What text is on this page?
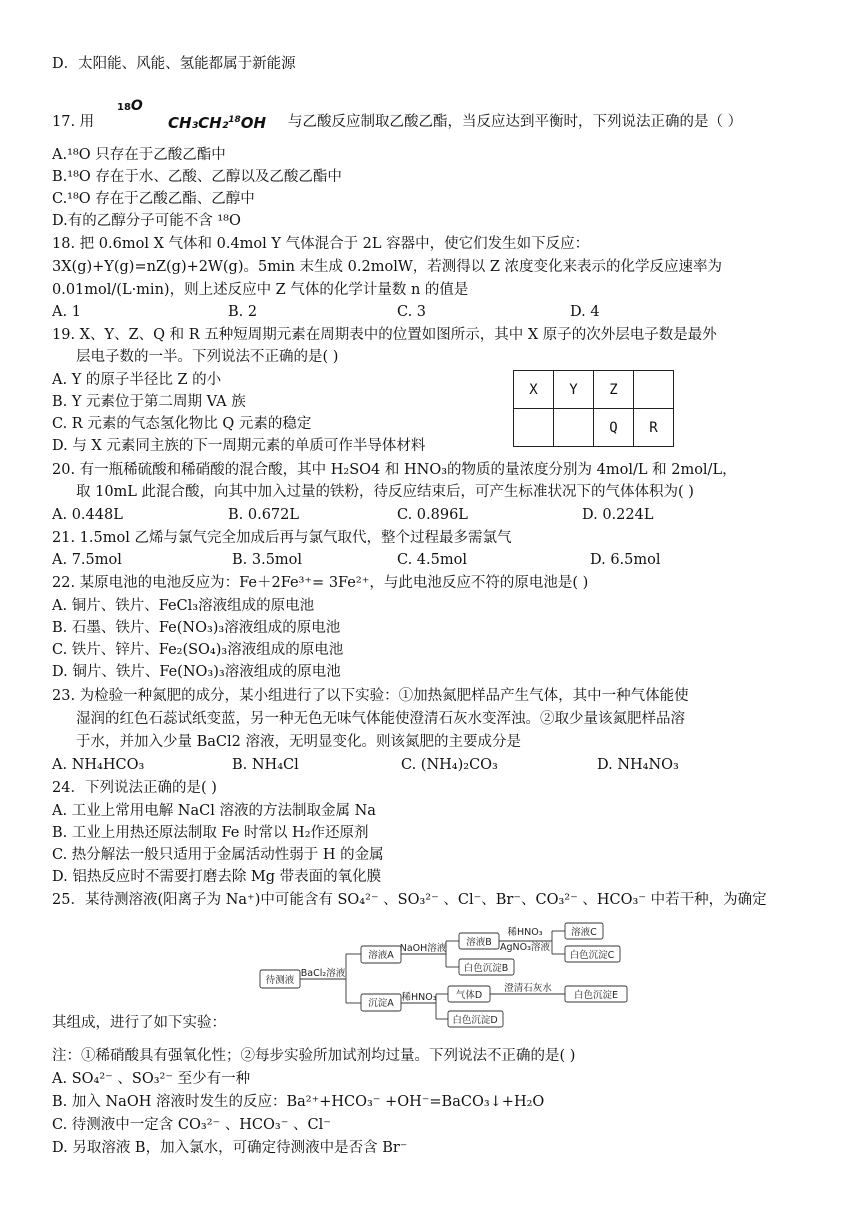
D．太阳能、风能、氢能都属于新能源
17. 用
18O
CH₃CH₂$^{18}$OH 与乙酸反应制取乙酸乙酯，当反应达到平衡时，下列说法正确的是（ ）
A.¹⁸O 只存在于乙酸乙酯中
B.¹⁸O 存在于水、乙酸、乙醇以及乙酸乙酯中
C.¹⁸O 存在于乙酸乙酯、乙醇中
D.有的乙醇分子可能不含 ¹⁸O
18. 把 0.6mol X 气体和 0.4mol Y 气体混合于 2L 容器中，使它们发生如下反应：
3X(g)+Y(g)=nZ(g)+2W(g)。5min 末生成 0.2molW，若测得以 Z 浓度变化来表示的化学反应速率为
0.01mol/(L·min)，则上述反应中 Z 气体的化学计量数 n 的值是
A. 1	B. 2	C. 3	D. 4
19. X、Y、Z、Q 和 R 五种短周期元素在周期表中的位置如图所示，其中 X 原子的次外层电子数是最外
层电子数的一半。下列说法不正确的是( )
A. Y 的原子半径比 Z 的小
B. Y 元素位于第二周期 VA 族
C. R 元素的气态氢化物比 Q 元素的稳定
D. 与 X 元素同主族的下一周期元素的单质可作半导体材料
X	Y	Z	
		Q	R
20. 有一瓶稀硫酸和稀硝酸的混合酸，其中 H₂SO4 和 HNO₃的物质的量浓度分别为 4mol/L 和 2mol/L，
取 10mL 此混合酸，向其中加入过量的铁粉，待反应结束后，可产生标准状况下的气体体积为( )
A. 0.448L	B. 0.672L	C. 0.896L	D. 0.224L
21. 1.5mol 乙烯与氯气完全加成后再与氯气取代，整个过程最多需氯气
A. 7.5mol	B. 3.5mol	C. 4.5mol	D. 6.5mol
22. 某原电池的电池反应为：Fe＋2Fe³⁺= 3Fe²⁺，与此电池反应不符的原电池是( )
A. 铜片、铁片、FeCl₃溶液组成的原电池
B. 石墨、铁片、Fe(NO₃)₃溶液组成的原电池
C. 铁片、锌片、Fe₂(SO₄)₃溶液组成的原电池
D. 铜片、铁片、Fe(NO₃)₃溶液组成的原电池
23. 为检验一种氮肥的成分，某小组进行了以下实验：①加热氮肥样品产生气体，其中一种气体能使
湿润的红色石蕊试纸变蓝，另一种无色无味气体能使澄清石灰水变浑浊。②取少量该氮肥样品溶
于水，并加入少量 BaCl2 溶液，无明显变化。则该氮肥的主要成分是
A. NH₄HCO₃	B. NH₄Cl	C. (NH₄)₂CO₃	D. NH₄NO₃
24．下列说法正确的是( )
A. 工业上常用电解 NaCl 溶液的方法制取金属 Na
B. 工业上用热还原法制取 Fe 时常以 H₂作还原剂
C. 热分解法一般只适用于金属活动性弱于 H 的金属
D. 铝热反应时不需要打磨去除 Mg 带表面的氧化膜
25．某待测溶液(阳离子为 Na⁺)中可能含有 SO₄²⁻ 、SO₃²⁻ 、Cl⁻、Br⁻、CO₃²⁻ 、HCO₃⁻ 中若干种，为确定
待测液
BaCl₂溶液
溶液A
NaOH溶液
溶液B
稀HNO₃
AgNO₃溶液
溶液C
白色沉淀C
白色沉淀B
沉淀A
稀HNO₃ 气体D
澄清石灰水
白色沉淀E
白色沉淀D
其组成，进行了如下实验：
注：①稀硝酸具有强氧化性；②每步实验所加试剂均过量。下列说法不正确的是( )
A. SO₄²⁻ 、SO₃²⁻ 至少有一种
B. 加入 NaOH 溶液时发生的反应：Ba²⁺+HCO₃⁻ +OH⁻=BaCO₃↓+H₂O
C. 待测液中一定含 CO₃²⁻ 、HCO₃⁻ 、Cl⁻
D. 另取溶液 B，加入氯水，可确定待测液中是否含 Br⁻
